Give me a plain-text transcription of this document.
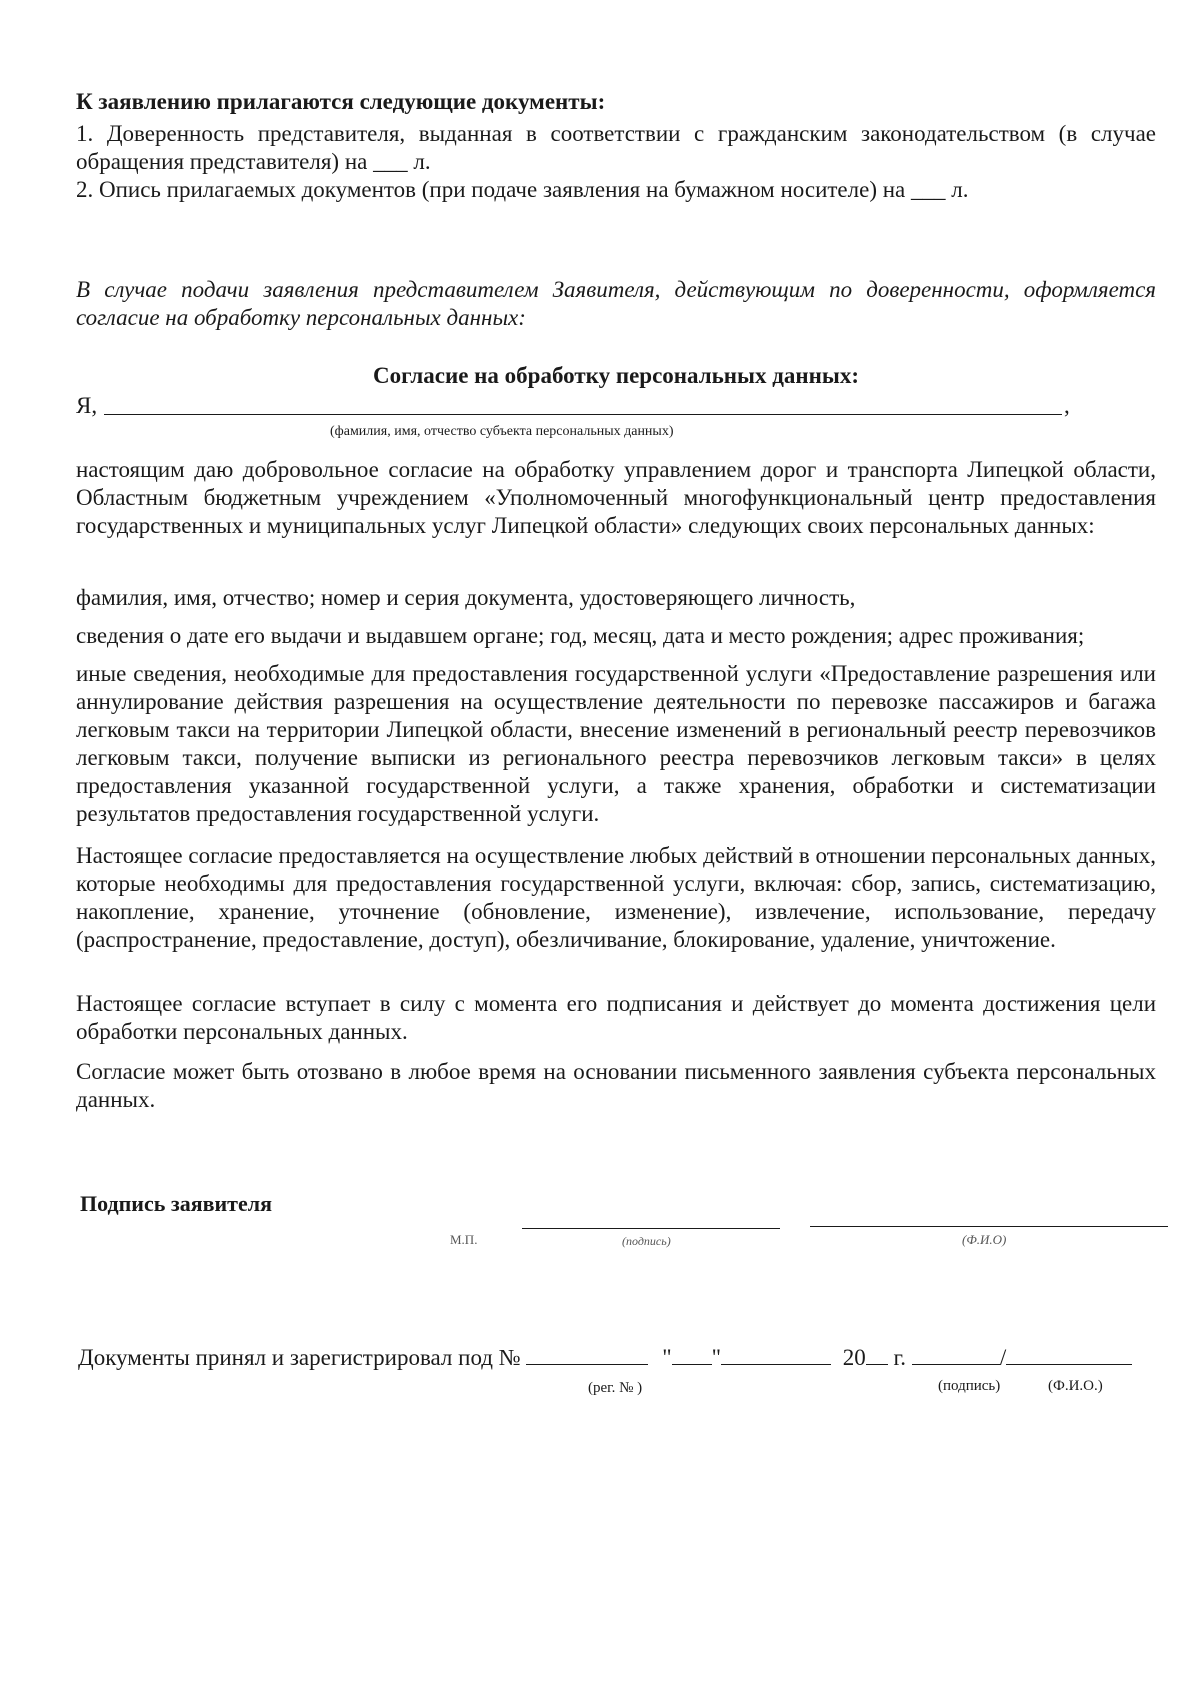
К заявлению прилагаются следующие документы:
1. Доверенность представителя, выданная в соответствии с гражданским законодательством (в случае обращения представителя) на ___ л.
2. Опись прилагаемых документов (при подаче заявления на бумажном носителе) на ___ л.
В случае подачи заявления представителем Заявителя, действующим по доверенности, оформляется согласие на обработку персональных данных:
Согласие на обработку персональных данных:
Я,	,
(фамилия, имя, отчество субъекта персональных данных)
настоящим даю добровольное согласие на обработку управлением дорог и транспорта Липецкой области, Областным бюджетным учреждением «Уполномоченный многофункциональный центр предоставления государственных и муниципальных услуг Липецкой области» следующих своих персональных данных:
фамилия, имя, отчество; номер и серия документа, удостоверяющего личность,
сведения о дате его выдачи и выдавшем органе; год, месяц, дата и место рождения; адрес проживания;
иные сведения, необходимые для предоставления государственной услуги «Предоставление разрешения или аннулирование действия разрешения на осуществление деятельности по перевозке пассажиров и багажа легковым такси на территории Липецкой области, внесение изменений в региональный реестр перевозчиков легковым такси, получение выписки из регионального реестра перевозчиков легковым такси» в целях предоставления указанной государственной услуги, а также хранения, обработки и систематизации результатов предоставления государственной услуги.
Настоящее согласие предоставляется на осуществление любых действий в отношении персональных данных, которые необходимы для предоставления государственной услуги, включая: сбор, запись, систематизацию, накопление, хранение, уточнение (обновление, изменение), извлечение, использование, передачу (распространение, предоставление, доступ), обезличивание, блокирование, удаление, уничтожение.
Настоящее согласие вступает в силу с момента его подписания и действует до момента достижения цели обработки персональных данных.
Согласие может быть отозвано в любое время на основании письменного заявления субъекта персональных данных.
Подпись заявителя
М.П.	(подпись)	(Ф.И.О)
Документы принял и зарегистрировал под №	" "	20 г.	/
(рег. № )	(подпись)	(Ф.И.О.)
